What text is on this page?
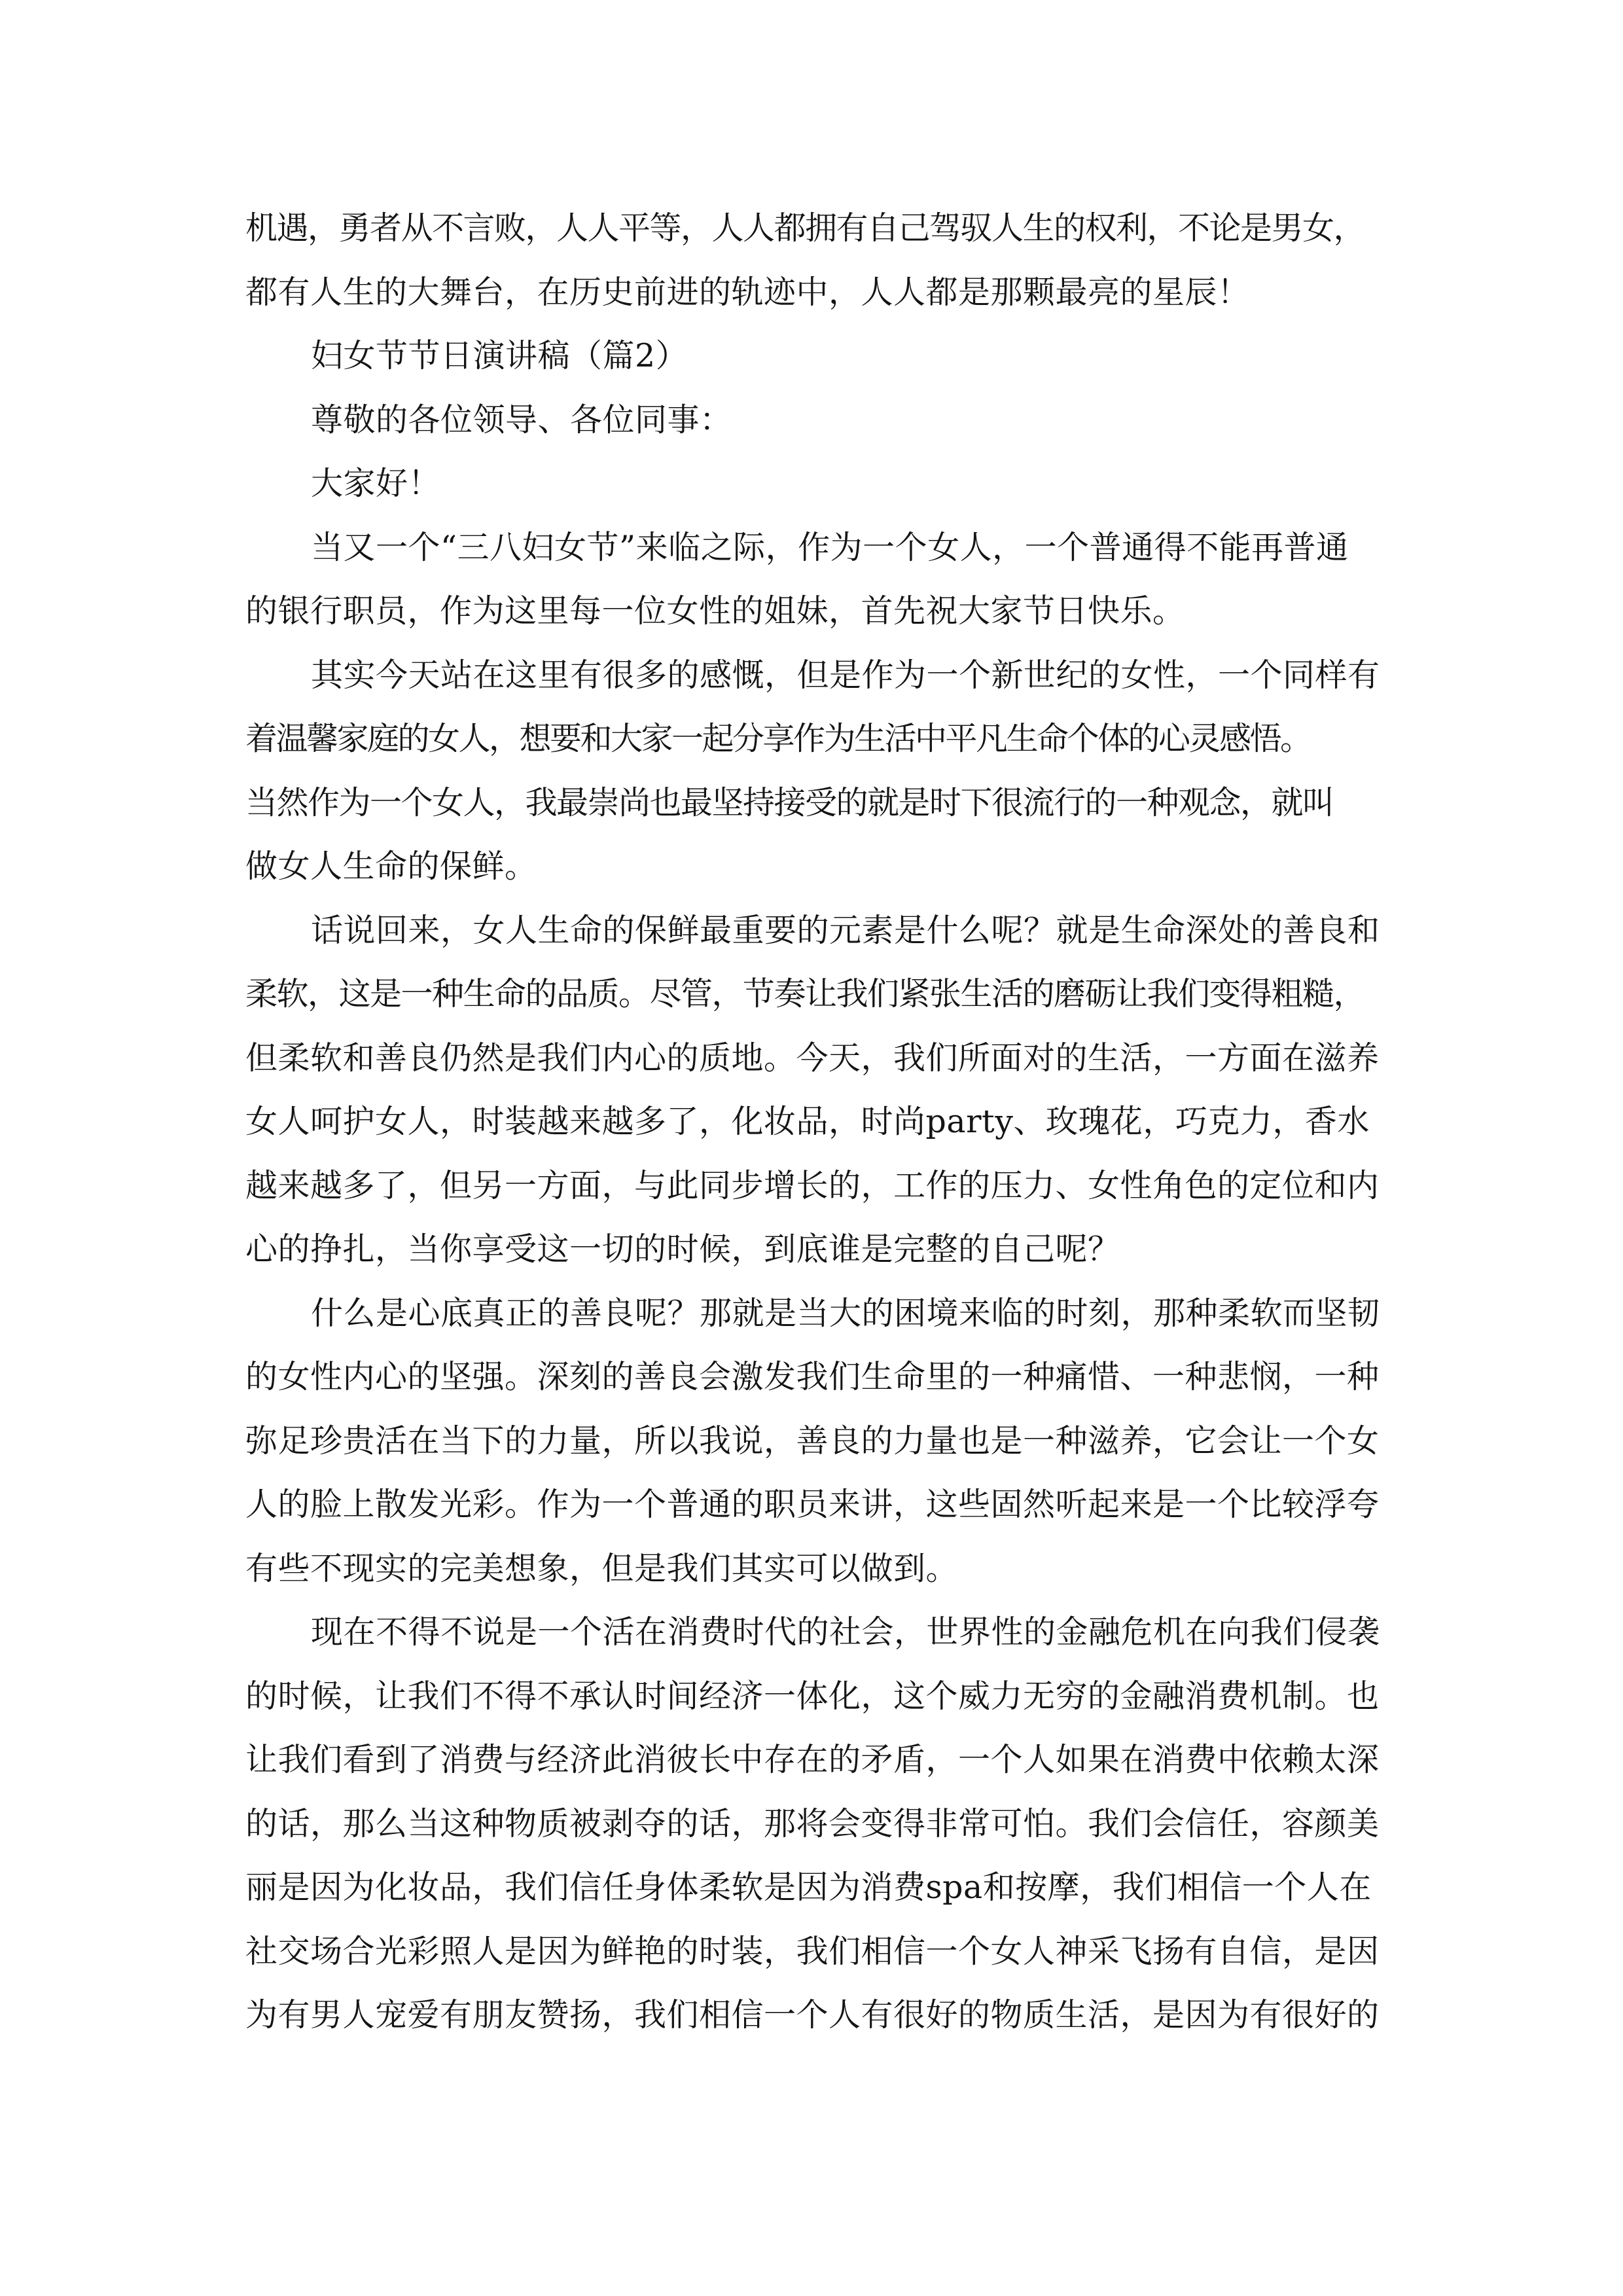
机遇，勇者从不言败，人人平等，人人都拥有自己驾驭人生的权利，不论是男女，
都有人生的大舞台，在历史前进的轨迹中，人人都是那颗最亮的星辰！
妇女节节日演讲稿（篇2）
尊敬的各位领导、各位同事：
大家好！
当又一个“三八妇女节”来临之际，作为一个女人，一个普通得不能再普通
的银行职员，作为这里每一位女性的姐妹，首先祝大家节日快乐。
其实今天站在这里有很多的感慨，但是作为一个新世纪的女性，一个同样有
着温馨家庭的女人，想要和大家一起分享作为生活中平凡生命个体的心灵感悟。
当然作为一个女人，我最崇尚也最坚持接受的就是时下很流行的一种观念，就叫
做女人生命的保鲜。
话说回来，女人生命的保鲜最重要的元素是什么呢？就是生命深处的善良和
柔软，这是一种生命的品质。尽管，节奏让我们紧张生活的磨砺让我们变得粗糙，
但柔软和善良仍然是我们内心的质地。今天，我们所面对的生活，一方面在滋养
女人呵护女人，时装越来越多了，化妆品，时尚party、玫瑰花，巧克力，香水
越来越多了，但另一方面，与此同步增长的，工作的压力、女性角色的定位和内
心的挣扎，当你享受这一切的时候，到底谁是完整的自己呢？
什么是心底真正的善良呢？那就是当大的困境来临的时刻，那种柔软而坚韧
的女性内心的坚强。深刻的善良会激发我们生命里的一种痛惜、一种悲悯，一种
弥足珍贵活在当下的力量，所以我说，善良的力量也是一种滋养，它会让一个女
人的脸上散发光彩。作为一个普通的职员来讲，这些固然听起来是一个比较浮夸
有些不现实的完美想象，但是我们其实可以做到。
现在不得不说是一个活在消费时代的社会，世界性的金融危机在向我们侵袭
的时候，让我们不得不承认时间经济一体化，这个威力无穷的金融消费机制。也
让我们看到了消费与经济此消彼长中存在的矛盾，一个人如果在消费中依赖太深
的话，那么当这种物质被剥夺的话，那将会变得非常可怕。我们会信任，容颜美
丽是因为化妆品，我们信任身体柔软是因为消费spa和按摩，我们相信一个人在
社交场合光彩照人是因为鲜艳的时装，我们相信一个女人神采飞扬有自信，是因
为有男人宠爱有朋友赞扬，我们相信一个人有很好的物质生活，是因为有很好的
